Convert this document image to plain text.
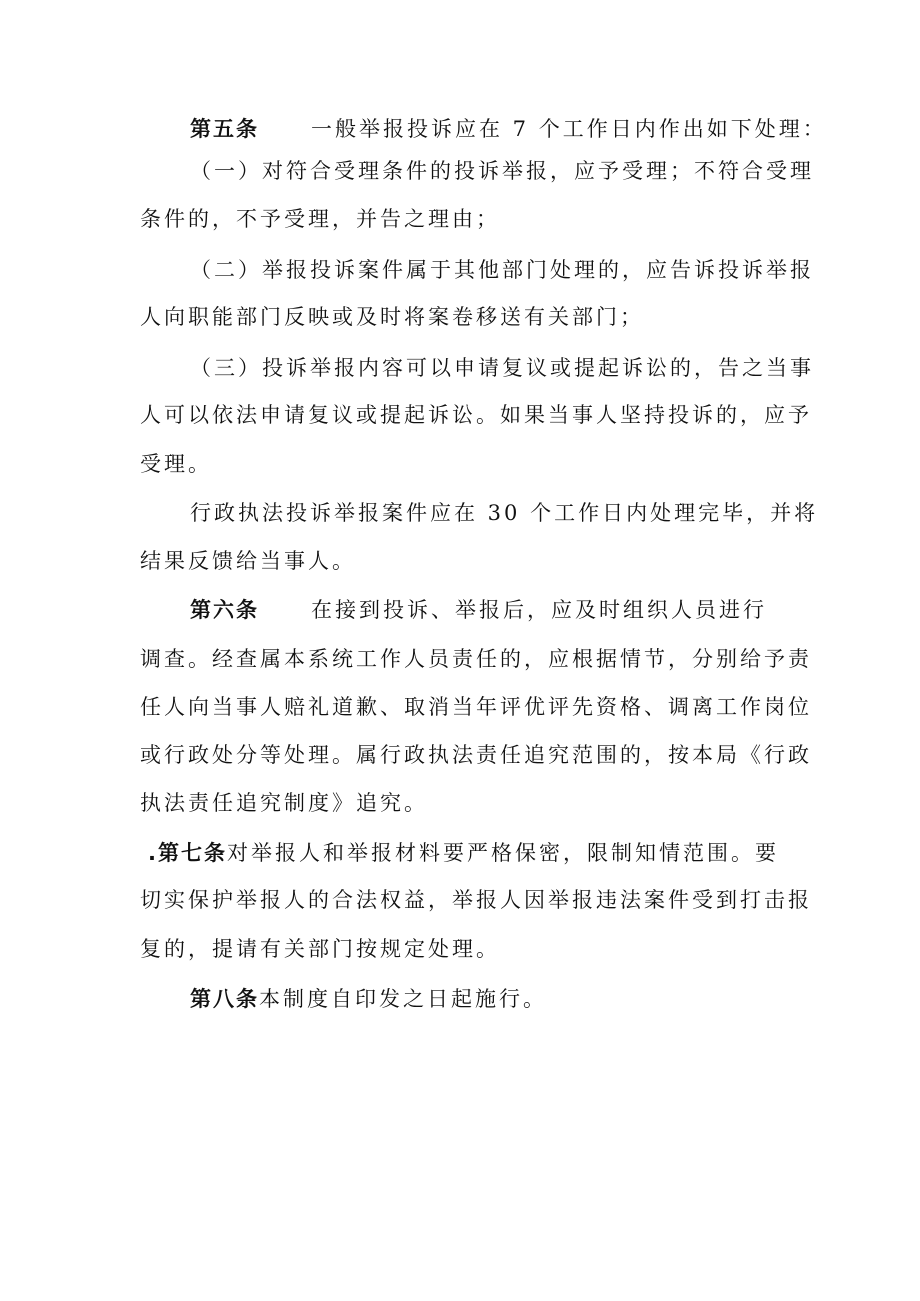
第五条 一般举报投诉应在 7 个工作日内作出如下处理：
（一）对符合受理条件的投诉举报，应予受理；不符合受理
条件的，不予受理，并告之理由；
（二）举报投诉案件属于其他部门处理的，应告诉投诉举报
人向职能部门反映或及时将案卷移送有关部门；
（三）投诉举报内容可以申请复议或提起诉讼的，告之当事
人可以依法申请复议或提起诉讼。如果当事人坚持投诉的，应予
受理。
行政执法投诉举报案件应在 30 个工作日内处理完毕，并将
结果反馈给当事人。
第六条 在接到投诉、举报后，应及时组织人员进行
调查。经查属本系统工作人员责任的，应根据情节，分别给予责
任人向当事人赔礼道歉、取消当年评优评先资格、调离工作岗位
或行政处分等处理。属行政执法责任追究范围的，按本局《行政
执法责任追究制度》追究。
.第七条对举报人和举报材料要严格保密，限制知情范围。要
切实保护举报人的合法权益，举报人因举报违法案件受到打击报
复的，提请有关部门按规定处理。
第八条本制度自印发之日起施行。
